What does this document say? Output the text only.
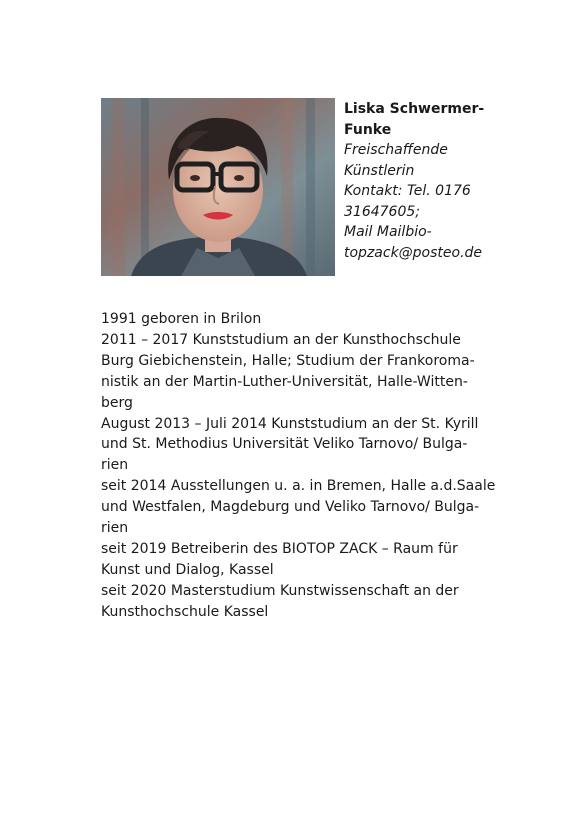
Liska Schwermer-
Funke
Freischaffende
Künstlerin
Kontakt: Tel. 0176
31647605;
Mail Mailbio-
topzack@posteo.de
1991 geboren in Brilon
2011 – 2017 Kunststudium an der Kunsthochschule
Burg Giebichenstein, Halle; Studium der Frankoroma-
nistik an der Martin-Luther-Universität, Halle-Witten-
berg
August 2013 – Juli 2014 Kunststudium an der St. Kyrill
und St. Methodius Universität Veliko Tarnovo/ Bulga-
rien
seit 2014 Ausstellungen u. a. in Bremen, Halle a.d.Saale
und Westfalen, Magdeburg und Veliko Tarnovo/ Bulga-
rien
seit 2019 Betreiberin des BIOTOP ZACK – Raum für
Kunst und Dialog, Kassel
seit 2020 Masterstudium Kunstwissenschaft an der
Kunsthochschule Kassel
